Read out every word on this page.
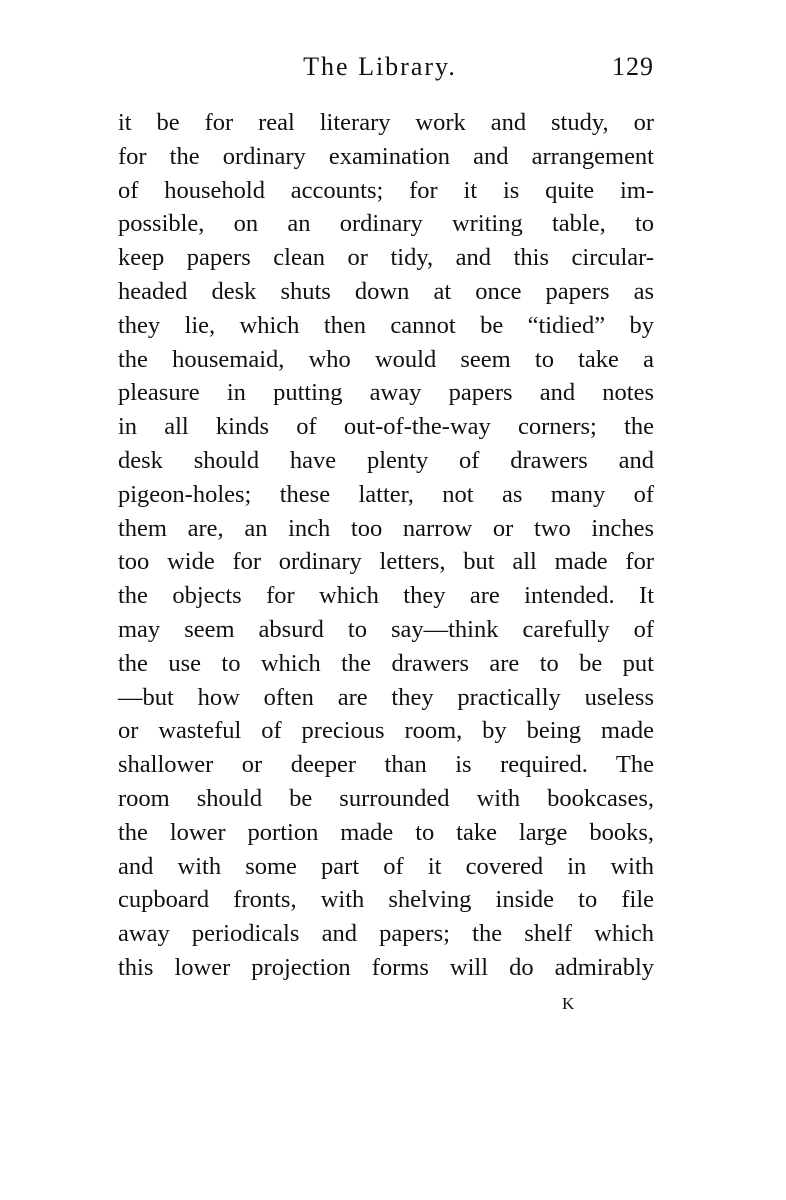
The Library.	129
it be for real literary work and study, or
for the ordinary examination and arrangement
of household accounts; for it is quite im-
possible, on an ordinary writing table, to
keep papers clean or tidy, and this circular-
headed desk shuts down at once papers as
they lie, which then cannot be “tidied” by
the housemaid, who would seem to take a
pleasure in putting away papers and notes
in all kinds of out-of-the-way corners; the
desk should have plenty of drawers and
pigeon-holes; these latter, not as many of
them are, an inch too narrow or two inches
too wide for ordinary letters, but all made for
the objects for which they are intended. It
may seem absurd to say—think carefully of
the use to which the drawers are to be put
—but how often are they practically useless
or wasteful of precious room, by being made
shallower or deeper than is required. The
room should be surrounded with bookcases,
the lower portion made to take large books,
and with some part of it covered in with
cupboard fronts, with shelving inside to file
away periodicals and papers; the shelf which
this lower projection forms will do admirably
K
